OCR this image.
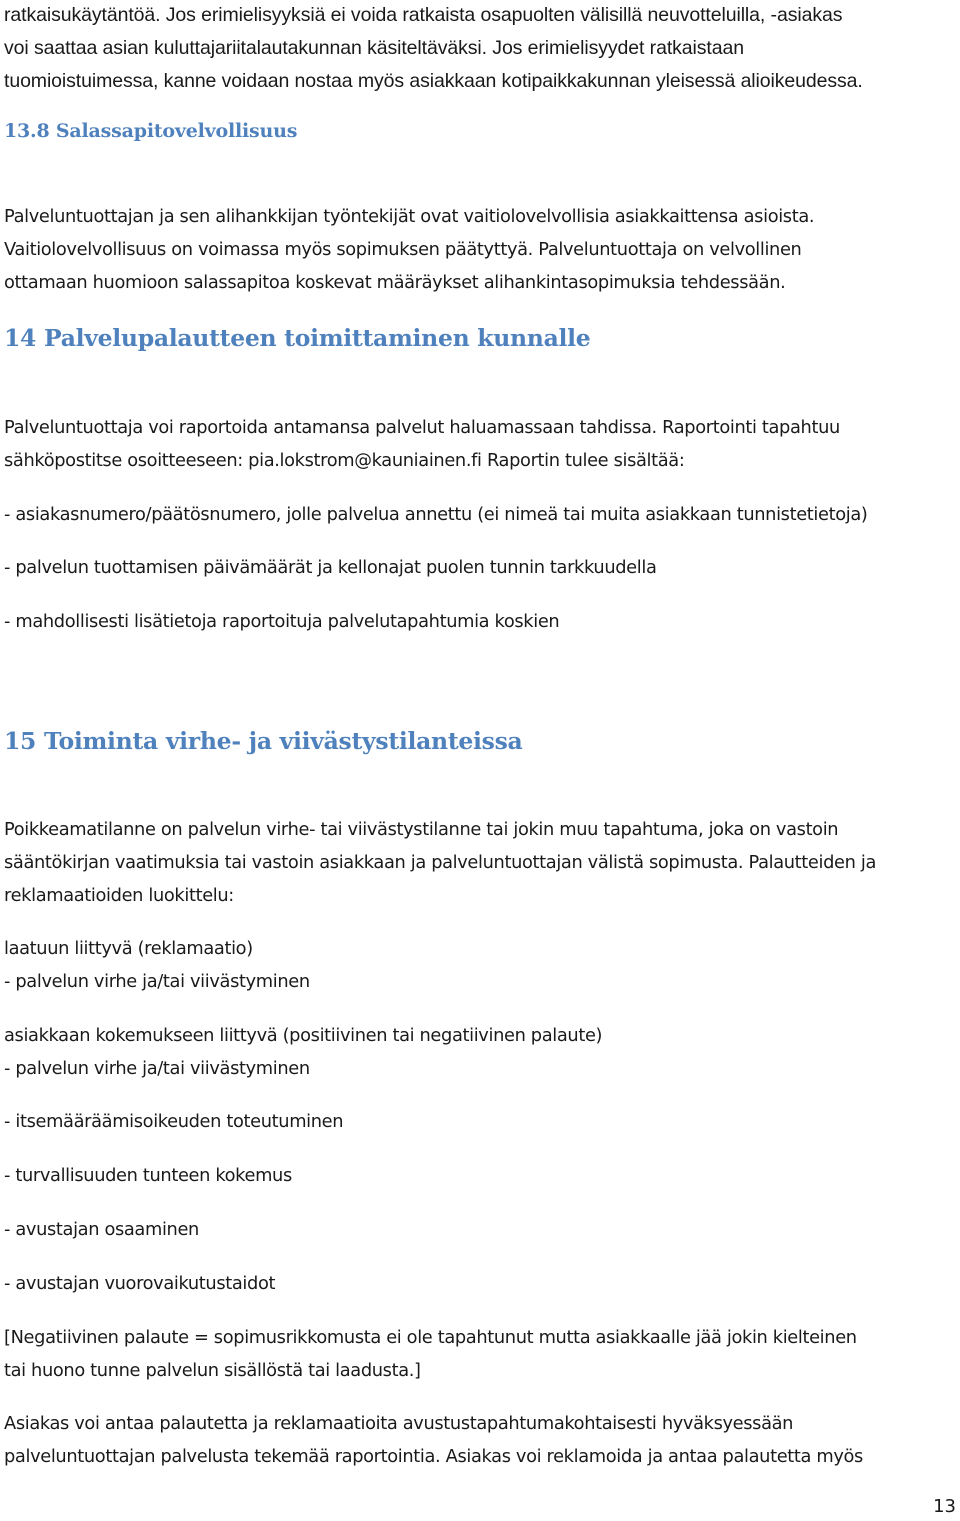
ratkaisukäytäntöä. Jos erimielisyyksiä ei voida ratkaista osapuolten välisillä neuvotteluilla, -asiakas
voi saattaa asian kuluttajariitalautakunnan käsiteltäväksi. Jos erimielisyydet ratkaistaan
tuomioistuimessa, kanne voidaan nostaa myös asiakkaan kotipaikkakunnan yleisessä alioikeudessa.
13.8 Salassapitovelvollisuus
Palveluntuottajan ja sen alihankkijan työntekijät ovat vaitiolovelvollisia asiakkaittensa asioista.
Vaitiolovelvollisuus on voimassa myös sopimuksen päätyttyä. Palveluntuottaja on velvollinen
ottamaan huomioon salassapitoa koskevat määräykset alihankintasopimuksia tehdessään.
14 Palvelupalautteen toimittaminen kunnalle
Palveluntuottaja voi raportoida antamansa palvelut haluamassaan tahdissa. Raportointi tapahtuu
sähköpostitse osoitteeseen: pia.lokstrom@kauniainen.fi Raportin tulee sisältää:
- asiakasnumero/päätösnumero, jolle palvelua annettu (ei nimeä tai muita asiakkaan tunnistetietoja)
- palvelun tuottamisen päivämäärät ja kellonajat puolen tunnin tarkkuudella
- mahdollisesti lisätietoja raportoituja palvelutapahtumia koskien
15 Toiminta virhe- ja viivästystilanteissa
Poikkeamatilanne on palvelun virhe- tai viivästystilanne tai jokin muu tapahtuma, joka on vastoin
sääntökirjan vaatimuksia tai vastoin asiakkaan ja palveluntuottajan välistä sopimusta. Palautteiden ja
reklamaatioiden luokittelu:
laatuun liittyvä (reklamaatio)
- palvelun virhe ja/tai viivästyminen
asiakkaan kokemukseen liittyvä (positiivinen tai negatiivinen palaute)
- palvelun virhe ja/tai viivästyminen
- itsemääräämisoikeuden toteutuminen
- turvallisuuden tunteen kokemus
- avustajan osaaminen
- avustajan vuorovaikutustaidot
[Negatiivinen palaute = sopimusrikkomusta ei ole tapahtunut mutta asiakkaalle jää jokin kielteinen
tai huono tunne palvelun sisällöstä tai laadusta.]
Asiakas voi antaa palautetta ja reklamaatioita avustustapahtumakohtaisesti hyväksyessään
palveluntuottajan palvelusta tekemää raportointia. Asiakas voi reklamoida ja antaa palautetta myös
13
